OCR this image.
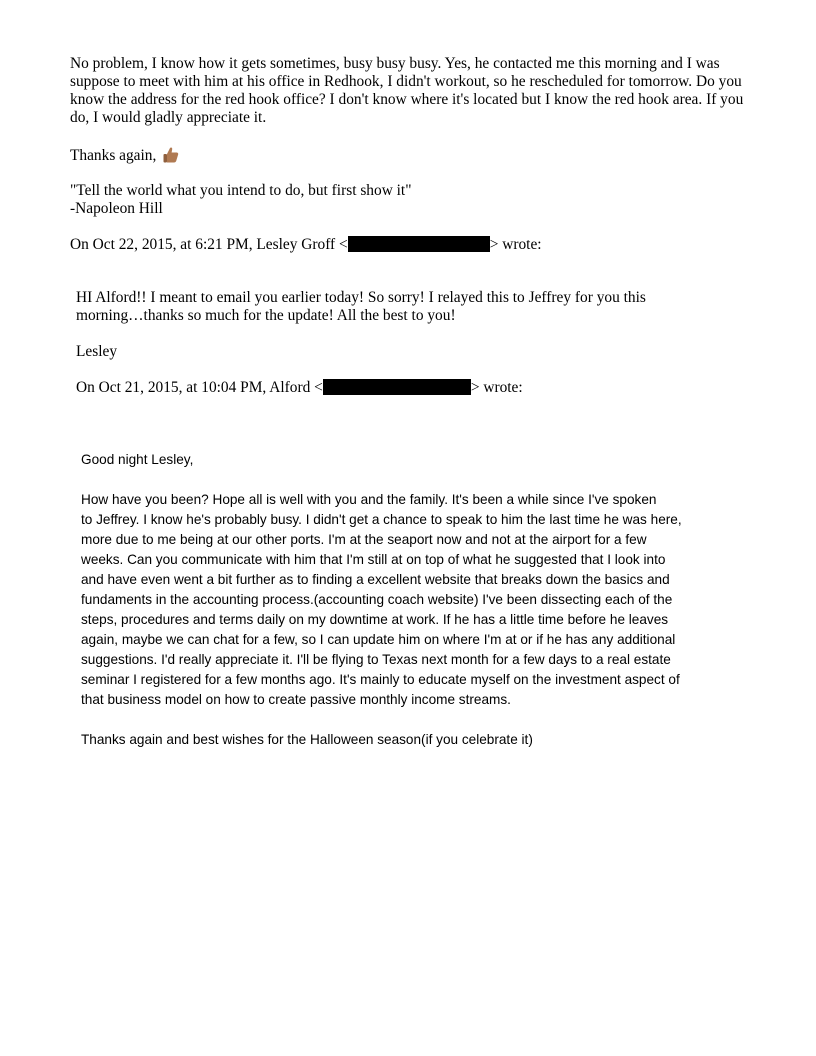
No problem, I know how it gets sometimes, busy busy busy. Yes, he contacted me this morning and I was suppose to meet with him at his office in Redhook, I didn't workout, so he rescheduled for tomorrow. Do you know the address for the red hook office? I don't know where it's located but I know the red hook area. If you do, I would gladly appreciate it.

Thanks again,

"Tell the world what you intend to do, but first show it"

-Napoleon Hill

On Oct 22, 2015, at 6:21 PM, Lesley Groff <	> wrote:

HI Alford!! I meant to email you earlier today! So sorry! I relayed this to Jeffrey for you this morning…thanks so much for the update! All the best to you!

Lesley

On Oct 21, 2015, at 10:04 PM, Alford <	> wrote:

Good night Lesley,

How have you been? Hope all is well with you and the family. It's been a while since I've spoken

to Jeffrey. I know he's probably busy. I didn't get a chance to speak to him the last time he was here,

more due to me being at our other ports. I'm at the seaport now and not at the airport for a few

weeks. Can you communicate with him that I'm still at on top of what he suggested that I look into

and have even went a bit further as to finding a excellent website that breaks down the basics and

fundaments in the accounting process.(accounting coach website) I've been dissecting each of the

steps, procedures and terms daily on my downtime at work. If he has a little time before he leaves

again, maybe we can chat for a few, so I can update him on where I'm at or if he has any additional

suggestions. I'd really appreciate it. I'll be flying to Texas next month for a few days to a real estate

seminar I registered for a few months ago. It's mainly to educate myself on the investment aspect of

that business model on how to create passive monthly income streams.

Thanks again and best wishes for the Halloween season(if you celebrate it)
